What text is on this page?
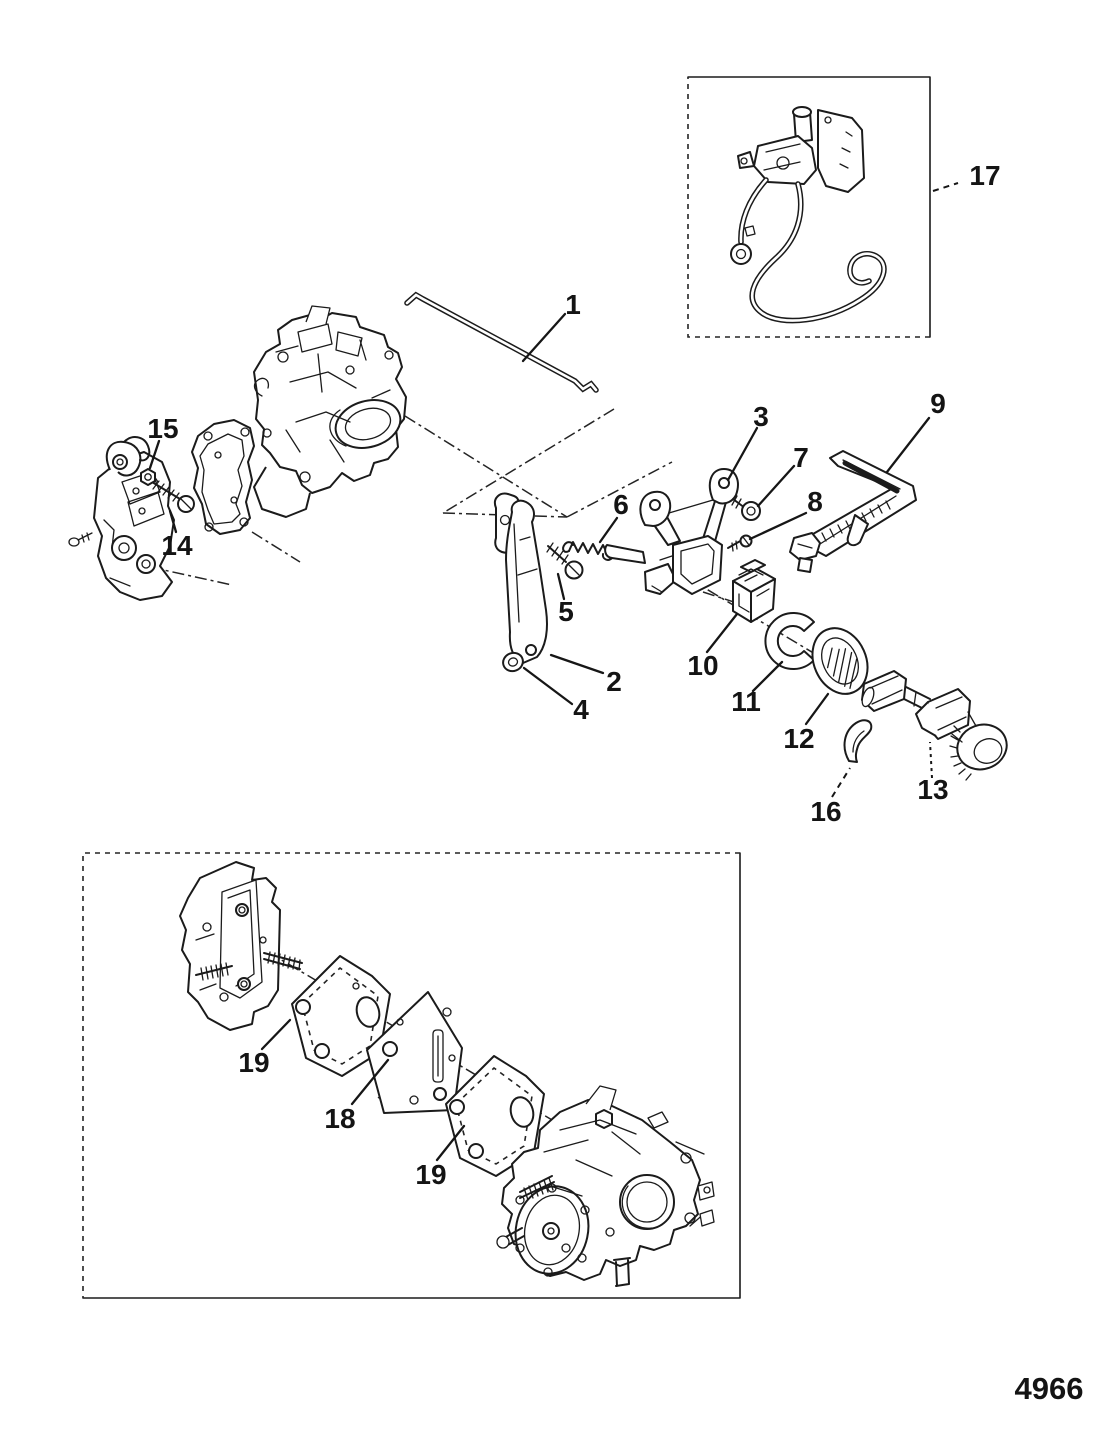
1
2
3
4
5
6
7
8
9
10
11
12
13
14
15
16
17
18
19
19
4966
